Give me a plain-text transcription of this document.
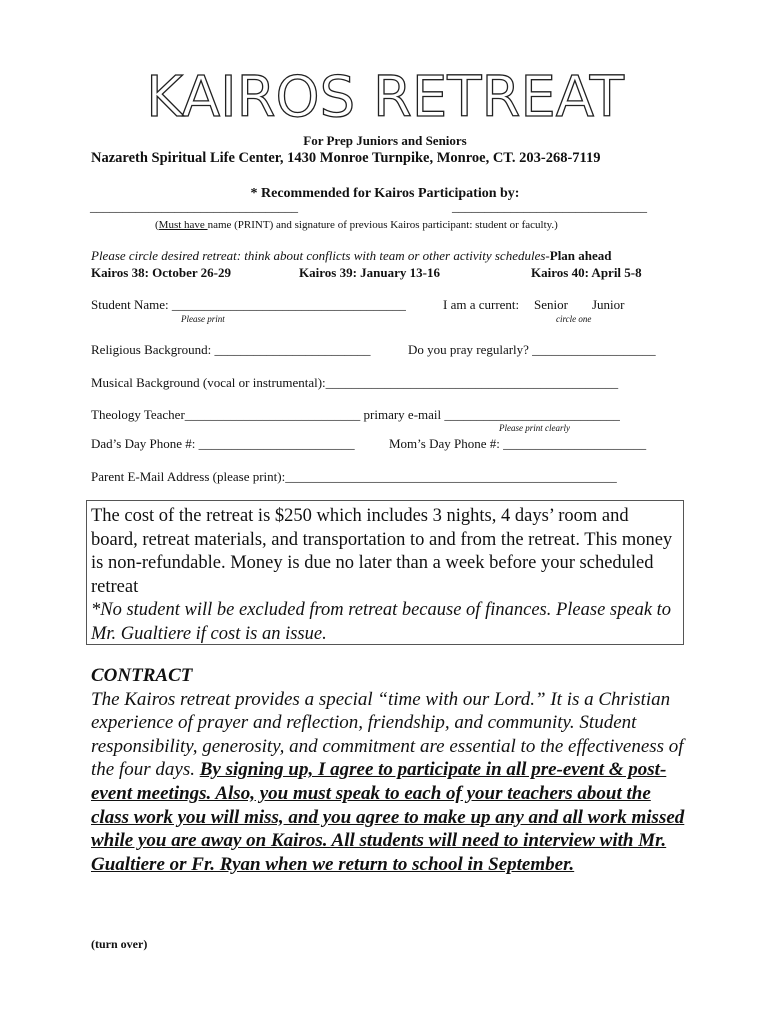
KAIROS RETREAT
For Prep Juniors and Seniors
Nazareth Spiritual Life Center, 1430 Monroe Turnpike, Monroe, CT. 203-268-7119
* Recommended for Kairos Participation by:
________________________________	______________________________
(Must have name (PRINT) and signature of previous Kairos participant: student or faculty.)
Please circle desired retreat: think about conflicts with team or other activity schedules-Plan ahead
Kairos 38: October 26-29	Kairos 39: January 13-16	Kairos 40: April 5-8
Student Name: ____________________________________	I am a current: Senior Junior
Please print	circle one
Religious Background: ________________________	Do you pray regularly? ___________________
Musical Background (vocal or instrumental):_____________________________________________
Theology Teacher___________________________ primary e-mail ___________________________
Please print clearly
Dad’s Day Phone #: ________________________	Mom’s Day Phone #: ______________________
Parent E-Mail Address (please print):___________________________________________________
The cost of the retreat is $250 which includes 3 nights, 4 days’ room and board, retreat materials, and transportation to and from the retreat. This money is non-refundable. Money is due no later than a week before your scheduled retreat
*No student will be excluded from retreat because of finances. Please speak to Mr. Gualtiere if cost is an issue.
CONTRACT
The Kairos retreat provides a special “time with our Lord.” It is a Christian experience of prayer and reflection, friendship, and community. Student responsibility, generosity, and commitment are essential to the effectiveness of the four days. By signing up, I agree to participate in all pre-event & post-event meetings. Also, you must speak to each of your teachers about the class work you will miss, and you agree to make up any and all work missed while you are away on Kairos. All students will need to interview with Mr. Gualtiere or Fr. Ryan when we return to school in September.
(turn over)
